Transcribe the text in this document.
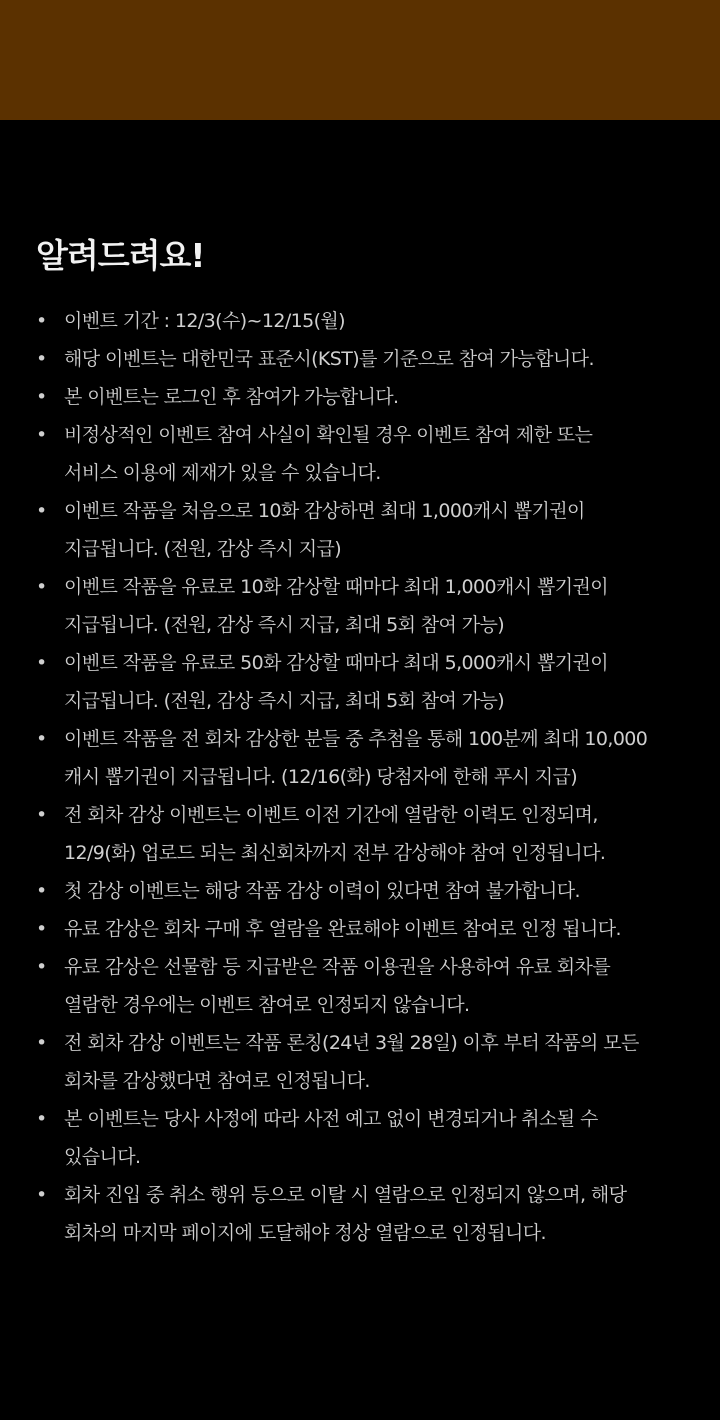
알려드려요!
• 이벤트 기간 : 12/3(수)~12/15(월)
• 해당 이벤트는 대한민국 표준시(KST)를 기준으로 참여 가능합니다.
• 본 이벤트는 로그인 후 참여가 가능합니다.
• 비정상적인 이벤트 참여 사실이 확인될 경우 이벤트 참여 제한 또는
서비스 이용에 제재가 있을 수 있습니다.
• 이벤트 작품을 처음으로 10화 감상하면 최대 1,000캐시 뽑기권이
지급됩니다. (전원, 감상 즉시 지급)
• 이벤트 작품을 유료로 10화 감상할 때마다 최대 1,000캐시 뽑기권이
지급됩니다. (전원, 감상 즉시 지급, 최대 5회 참여 가능)
• 이벤트 작품을 유료로 50화 감상할 때마다 최대 5,000캐시 뽑기권이
지급됩니다. (전원, 감상 즉시 지급, 최대 5회 참여 가능)
• 이벤트 작품을 전 회차 감상한 분들 중 추첨을 통해 100분께 최대 10,000
캐시 뽑기권이 지급됩니다. (12/16(화) 당첨자에 한해 푸시 지급)
• 전 회차 감상 이벤트는 이벤트 이전 기간에 열람한 이력도 인정되며,
12/9(화) 업로드 되는 최신회차까지 전부 감상해야 참여 인정됩니다.
• 첫 감상 이벤트는 해당 작품 감상 이력이 있다면 참여 불가합니다.
• 유료 감상은 회차 구매 후 열람을 완료해야 이벤트 참여로 인정 됩니다.
• 유료 감상은 선물함 등 지급받은 작품 이용권을 사용하여 유료 회차를
열람한 경우에는 이벤트 참여로 인정되지 않습니다.
• 전 회차 감상 이벤트는 작품 론칭(24년 3월 28일) 이후 부터 작품의 모든
회차를 감상했다면 참여로 인정됩니다.
• 본 이벤트는 당사 사정에 따라 사전 예고 없이 변경되거나 취소될 수
있습니다.
• 회차 진입 중 취소 행위 등으로 이탈 시 열람으로 인정되지 않으며, 해당
회차의 마지막 페이지에 도달해야 정상 열람으로 인정됩니다.
